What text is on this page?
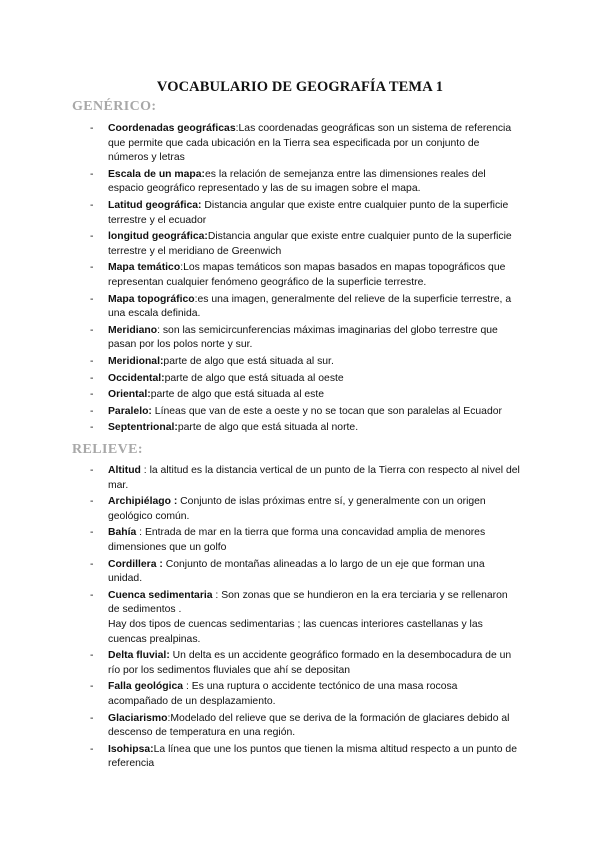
VOCABULARIO DE GEOGRAFÍA TEMA 1
GENÉRICO:
- Coordenadas geográficas:Las coordenadas geográficas son un sistema de referencia que permite que cada ubicación en la Tierra sea especificada por un conjunto de números y letras
- Escala de un mapa:es la relación de semejanza entre las dimensiones reales del espacio geográfico representado y las de su imagen sobre el mapa.
- Latitud geográfica: Distancia angular que existe entre cualquier punto de la superficie terrestre y el ecuador
- longitud geográfica:Distancia angular que existe entre cualquier punto de la superficie terrestre y el meridiano de Greenwich
- Mapa temático:Los mapas temáticos son mapas basados en mapas topográficos que representan cualquier fenómeno geográfico de la superficie terrestre.
- Mapa topográfico:es una imagen, generalmente del relieve de la superficie terrestre, a una escala definida.
- Meridiano: son las semicircunferencias máximas imaginarias del globo terrestre que pasan por los polos norte y sur.
- Meridional:parte de algo que está situada al sur.
- Occidental:parte de algo que está situada al oeste
- Oriental:parte de algo que está situada al este
- Paralelo: Líneas que van de este a oeste y no se tocan que son paralelas al Ecuador
- Septentrional:parte de algo que está situada al norte.
RELIEVE:
- Altitud : la altitud es la distancia vertical de un punto de la Tierra con respecto al nivel del mar.
- Archipiélago : Conjunto de islas próximas entre sí, y generalmente con un origen geológico común.
- Bahía : Entrada de mar en la tierra que forma una concavidad amplia de menores dimensiones que un golfo
- Cordillera : Conjunto de montañas alineadas a lo largo de un eje que forman una unidad.
- Cuenca sedimentaria : Son zonas que se hundieron en la era terciaria y se rellenaron de sedimentos .
Hay dos tipos de cuencas sedimentarias ; las cuencas interiores castellanas y las cuencas prealpinas.
- Delta fluvial: Un delta es un accidente geográfico formado en la desembocadura de un río por los sedimentos fluviales que ahí se depositan
- Falla geológica : Es una ruptura o accidente tectónico de una masa rocosa acompañado de un desplazamiento.
- Glaciarismo:Modelado del relieve que se deriva de la formación de glaciares debido al descenso de temperatura en una región.
- Isohipsa:La línea que une los puntos que tienen la misma altitud respecto a un punto de referencia
